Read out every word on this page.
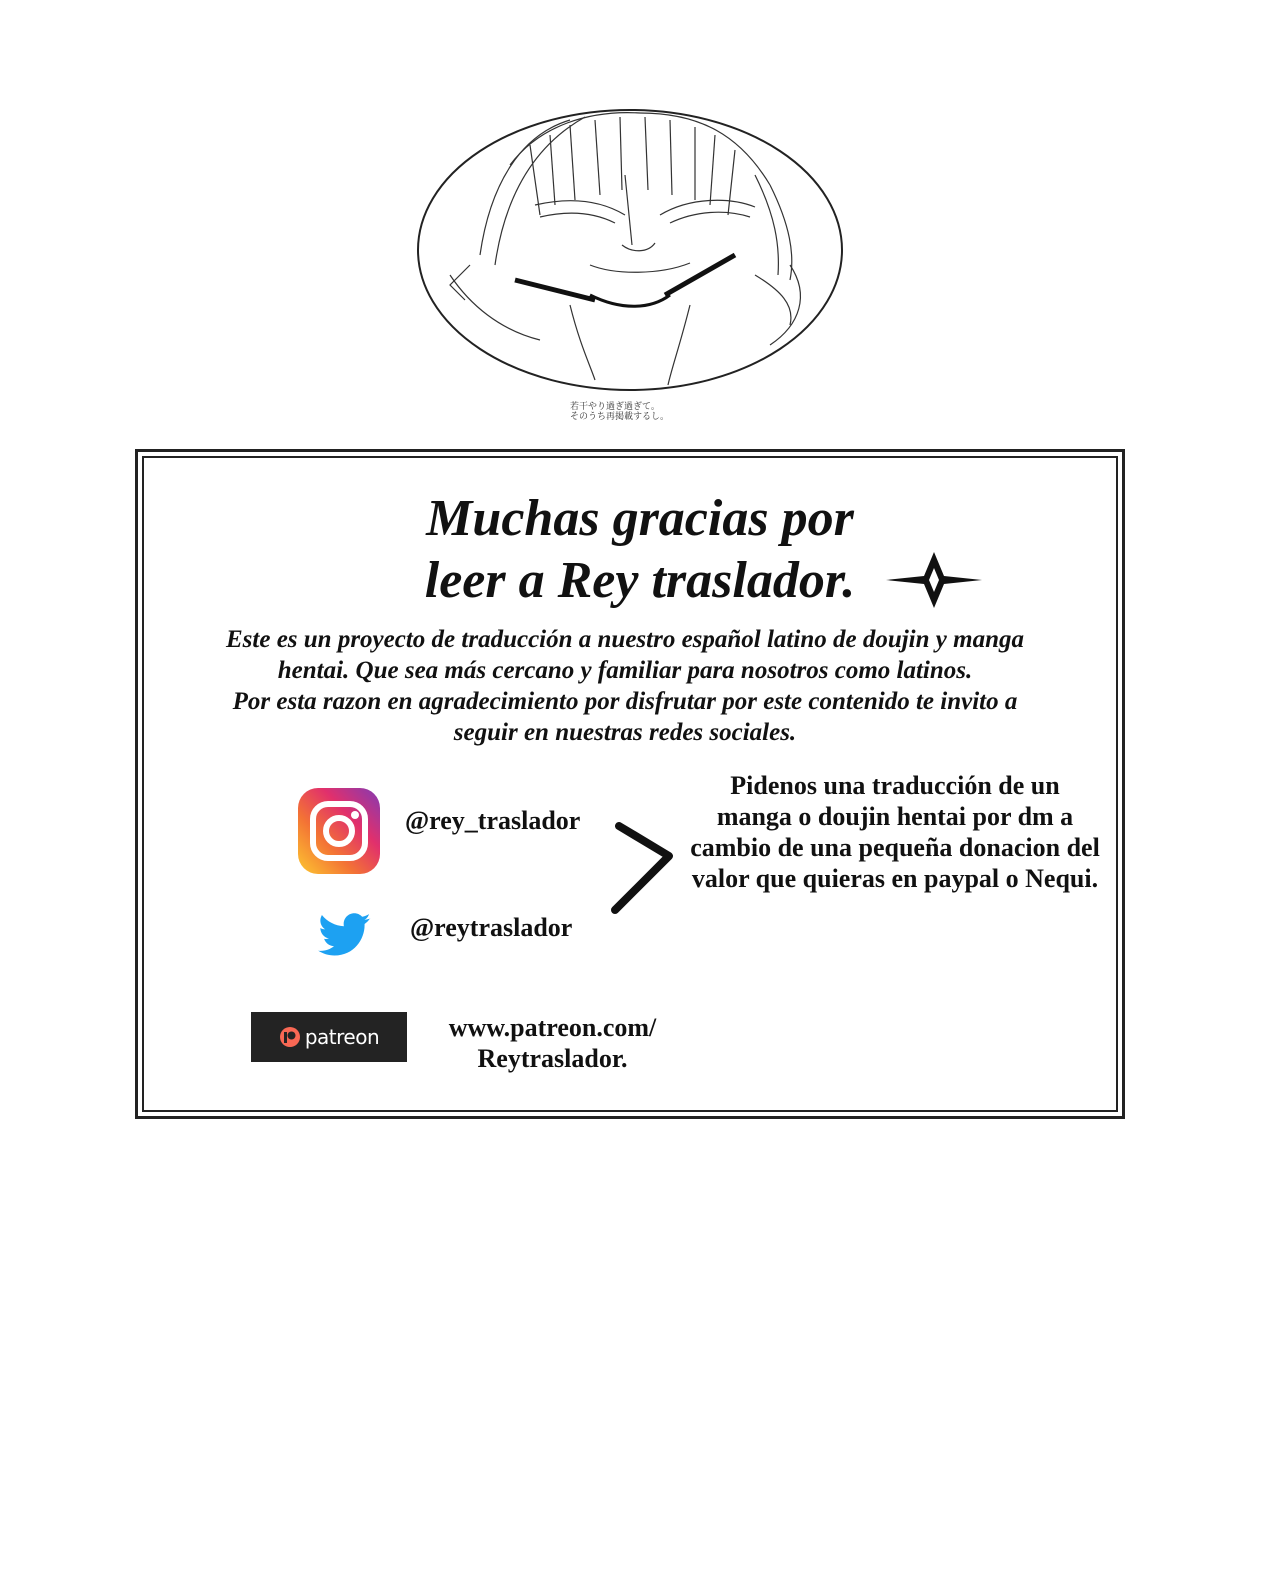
若干やり過ぎ過ぎて。
そのうち再掲載するし。
Muchas gracias por
leer a Rey traslador.

Este es un proyecto de traducción a nuestro español latino de doujin y manga

hentai. Que sea más cercano y familiar para nosotros como latinos.

Por esta razon en agradecimiento por disfrutar por este contenido te invito a

seguir en nuestras redes sociales.

@rey_traslador
@reytraslador

Pidenos una traducción de un manga o doujin hentai por dm a cambio de una pequeña donacion del valor que quieras en paypal o Nequi.

patreon	www.patreon.com/
Reytraslador.
